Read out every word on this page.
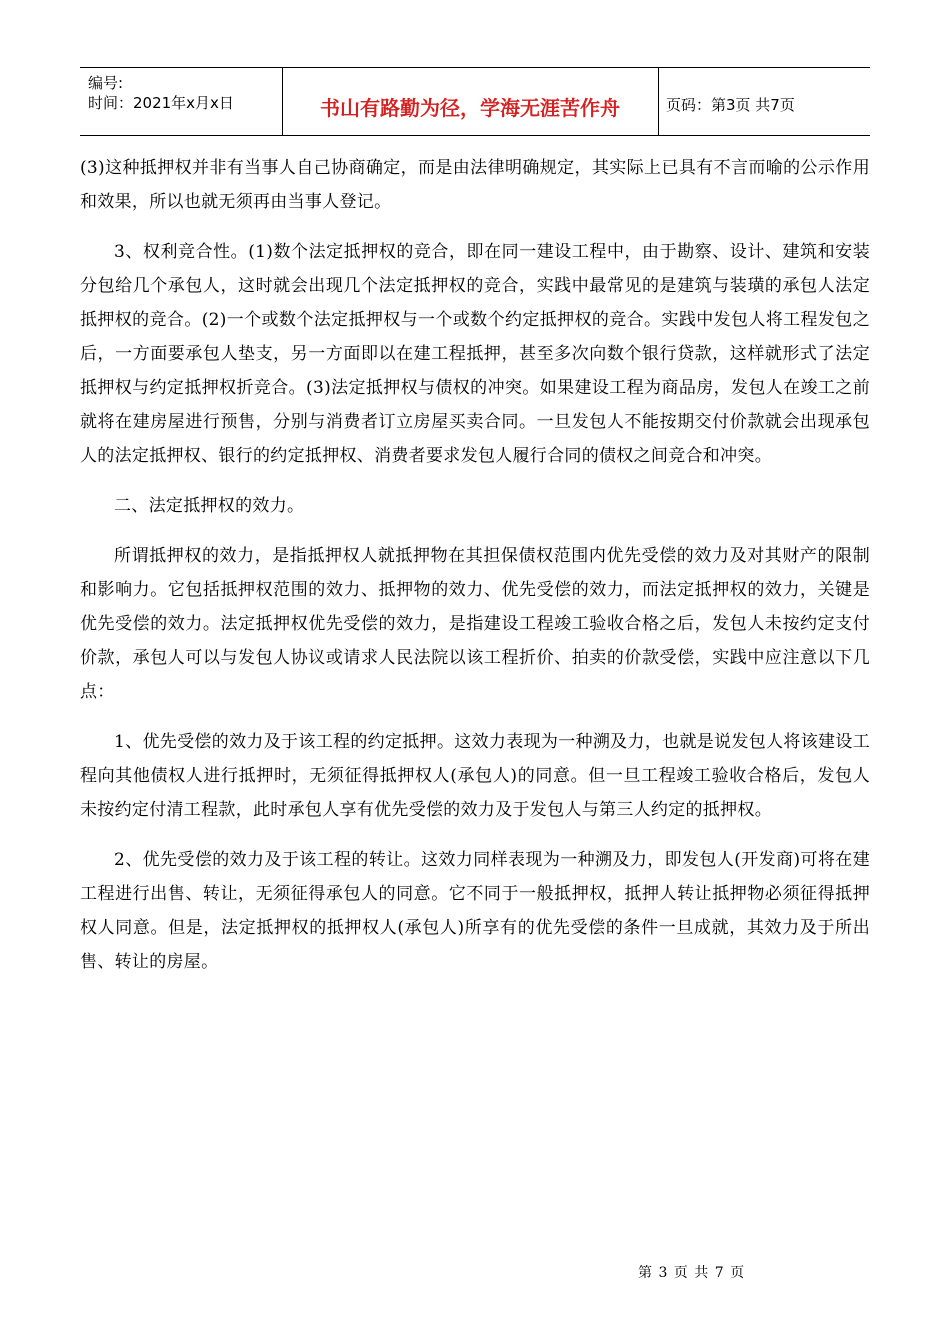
编号:
时间：2021年x月x日	书山有路勤为径，学海无涯苦作舟	页码：第3页 共7页

(3)这种抵押权并非有当事人自己协商确定，而是由法律明确规定，其实际上已具有不言而喻的公示作用和效果，所以也就无须再由当事人登记。

3、权利竞合性。(1)数个法定抵押权的竞合，即在同一建设工程中，由于勘察、设计、建筑和安装分包给几个承包人，这时就会出现几个法定抵押权的竞合，实践中最常见的是建筑与装璜的承包人法定抵押权的竞合。(2)一个或数个法定抵押权与一个或数个约定抵押权的竞合。实践中发包人将工程发包之后，一方面要承包人垫支，另一方面即以在建工程抵押，甚至多次向数个银行贷款，这样就形式了法定抵押权与约定抵押权折竞合。(3)法定抵押权与债权的冲突。如果建设工程为商品房，发包人在竣工之前就将在建房屋进行预售，分别与消费者订立房屋买卖合同。一旦发包人不能按期交付价款就会出现承包人的法定抵押权、银行的约定抵押权、消费者要求发包人履行合同的债权之间竞合和冲突。

二、法定抵押权的效力。

所谓抵押权的效力，是指抵押权人就抵押物在其担保债权范围内优先受偿的效力及对其财产的限制和影响力。它包括抵押权范围的效力、抵押物的效力、优先受偿的效力，而法定抵押权的效力，关键是优先受偿的效力。法定抵押权优先受偿的效力，是指建设工程竣工验收合格之后，发包人未按约定支付价款，承包人可以与发包人协议或请求人民法院以该工程折价、拍卖的价款受偿，实践中应注意以下几点：

1、优先受偿的效力及于该工程的约定抵押。这效力表现为一种溯及力，也就是说发包人将该建设工程向其他债权人进行抵押时，无须征得抵押权人(承包人)的同意。但一旦工程竣工验收合格后，发包人未按约定付清工程款，此时承包人享有优先受偿的效力及于发包人与第三人约定的抵押权。

2、优先受偿的效力及于该工程的转让。这效力同样表现为一种溯及力，即发包人(开发商)可将在建工程进行出售、转让，无须征得承包人的同意。它不同于一般抵押权，抵押人转让抵押物必须征得抵押权人同意。但是，法定抵押权的抵押权人(承包人)所享有的优先受偿的条件一旦成就，其效力及于所出售、转让的房屋。

第 3 页 共 7 页
